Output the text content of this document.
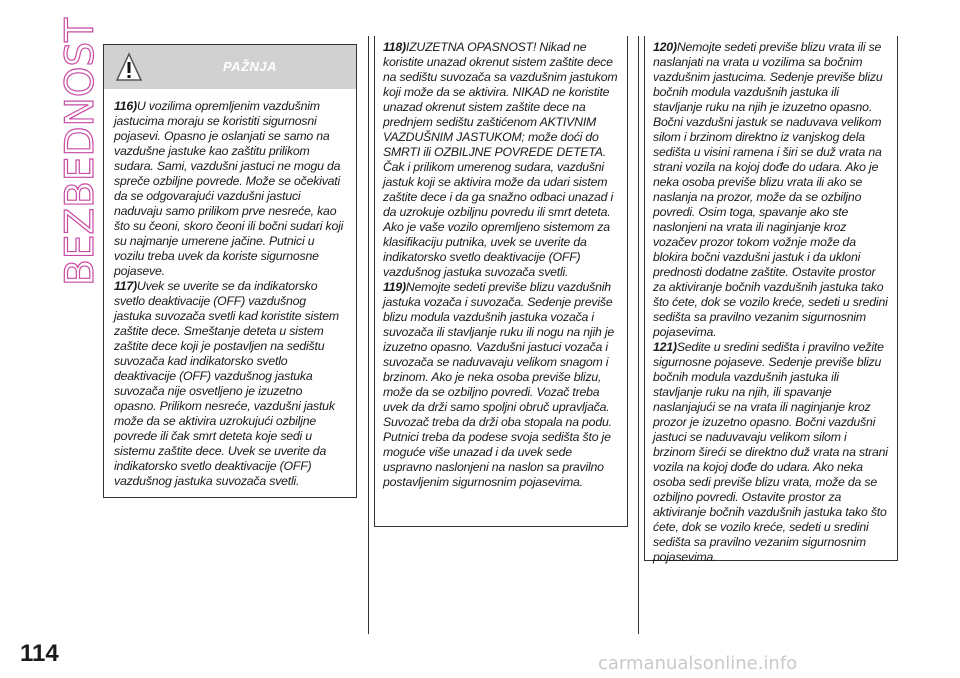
BEZBEDNOST	PAŽNJA

116)U vozilima opremljenim vazdušnim jastucima moraju se koristiti sigurnosni pojasevi. Opasno je oslanjati se samo na vazdušne jastuke kao zaštitu prilikom sudara. Sami, vazdušni jastuci ne mogu da spreče ozbiljne povrede. Može se očekivati da se odgovarajući vazdušni jastuci naduvaju samo prilikom prve nesreće, kao što su čeoni, skoro čeoni ili bočni sudari koji su najmanje umerene jačine. Putnici u vozilu treba uvek da koriste sigurnosne pojaseve.

117)Uvek se uverite se da indikatorsko svetlo deaktivacije (OFF) vazdušnog jastuka suvozača svetli kad koristite sistem zaštite dece. Smeštanje deteta u sistem zaštite dece koji je postavljen na sedištu suvozača kad indikatorsko svetlo deaktivacije (OFF) vazdušnog jastuka suvozača nije osvetljeno je izuzetno opasno. Prilikom nesreće, vazdušni jastuk može da se aktivira uzrokujući ozbiljne povrede ili čak smrt deteta koje sedi u sistemu zaštite dece. Uvek se uverite da indikatorsko svetlo deaktivacije (OFF) vazdušnog jastuka suvozača svetli.

118)IZUZETNA OPASNOST! Nikad ne koristite unazad okrenut sistem zaštite dece na sedištu suvozača sa vazdušnim jastukom koji može da se aktivira. NIKAD ne koristite unazad okrenut sistem zaštite dece na prednjem sedištu zaštićenom AKTIVNIM VAZDUŠNIM JASTUKOM; može doći do SMRTI ili OZBILJNE POVREDE DETETA. Čak i prilikom umerenog sudara, vazdušni jastuk koji se aktivira može da udari sistem zaštite dece i da ga snažno odbaci unazad i da uzrokuje ozbiljnu povredu ili smrt deteta. Ako je vaše vozilo opremljeno sistemom za klasifikaciju putnika, uvek se uverite da indikatorsko svetlo deaktivacije (OFF) vazdušnog jastuka suvozača svetli.

119)Nemojte sedeti previše blizu vazdušnih jastuka vozača i suvozača. Sedenje previše blizu modula vazdušnih jastuka vozača i suvozača ili stavljanje ruku ili nogu na njih je izuzetno opasno. Vazdušni jastuci vozača i suvozača se naduvavaju velikom snagom i brzinom. Ako je neka osoba previše blizu, može da se ozbiljno povredi. Vozač treba uvek da drži samo spoljni obruč upravljača. Suvozač treba da drži oba stopala na podu. Putnici treba da podese svoja sedišta što je moguće više unazad i da uvek sede uspravno naslonjeni na naslon sa pravilno postavljenim sigurnosnim pojasevima.

120)Nemojte sedeti previše blizu vrata ili se naslanjati na vrata u vozilima sa bočnim vazdušnim jastucima. Sedenje previše blizu bočnih modula vazdušnih jastuka ili stavljanje ruku na njih je izuzetno opasno. Bočni vazdušni jastuk se naduvava velikom silom i brzinom direktno iz vanjskog dela sedišta u visini ramena i širi se duž vrata na strani vozila na kojoj dođe do udara. Ako je neka osoba previše blizu vrata ili ako se naslanja na prozor, može da se ozbiljno povredi. Osim toga, spavanje ako ste naslonjeni na vrata ili naginjanje kroz vozačev prozor tokom vožnje može da blokira bočni vazdušni jastuk i da ukloni prednosti dodatne zaštite. Ostavite prostor za aktiviranje bočnih vazdušnih jastuka tako što ćete, dok se vozilo kreće, sedeti u sredini sedišta sa pravilno vezanim sigurnosnim pojasevima.

121)Sedite u sredini sedišta i pravilno vežite sigurnosne pojaseve. Sedenje previše blizu bočnih modula vazdušnih jastuka ili stavljanje ruku na njih, ili spavanje naslanjajući se na vrata ili naginjanje kroz prozor je izuzetno opasno. Bočni vazdušni jastuci se naduvavaju velikom silom i brzinom šireći se direktno duž vrata na strani vozila na kojoj dođe do udara. Ako neka osoba sedi previše blizu vrata, može da se ozbiljno povredi. Ostavite prostor za aktiviranje bočnih vazdušnih jastuka tako što ćete, dok se vozilo kreće, sedeti u sredini sedišta sa pravilno vezanim sigurnosnim pojasevima.

114	carmanualsonline.info
